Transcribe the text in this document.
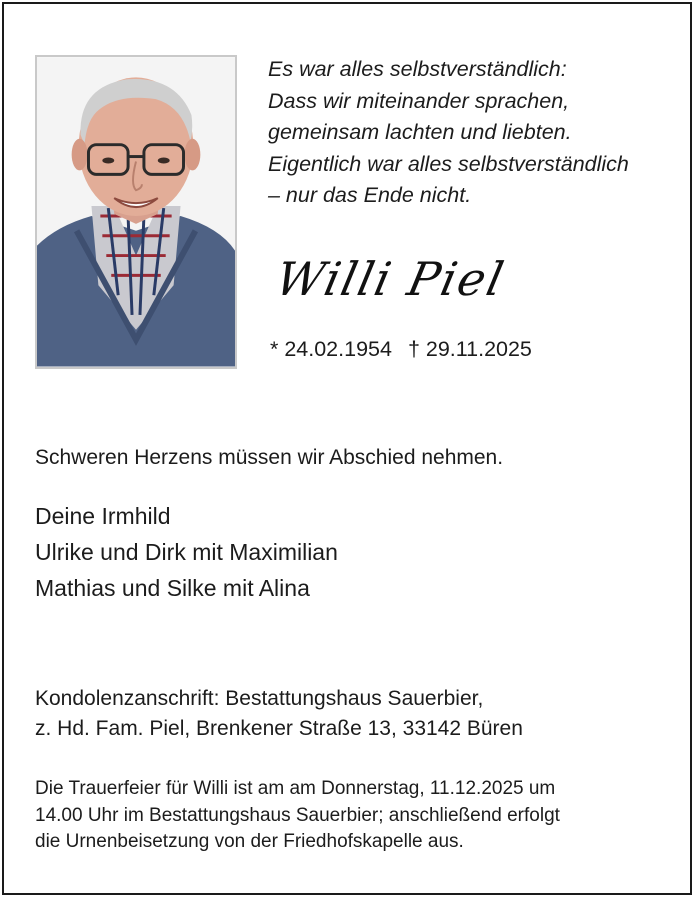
Es war alles selbstverständlich:
Dass wir miteinander sprachen,
gemeinsam lachten und liebten.
Eigentlich war alles selbstverständlich
– nur das Ende nicht.
Willi Piel
* 24.02.1954 † 29.11.2025
Schweren Herzens müssen wir Abschied nehmen.
Deine Irmhild
Ulrike und Dirk mit Maximilian
Mathias und Silke mit Alina
Kondolenzanschrift: Bestattungshaus Sauerbier,
z. Hd. Fam. Piel, Brenkener Straße 13, 33142 Büren
Die Trauerfeier für Willi ist am am Donnerstag, 11.12.2025 um
14.00 Uhr im Bestattungshaus Sauerbier; anschließend erfolgt
die Urnenbeisetzung von der Friedhofskapelle aus.
